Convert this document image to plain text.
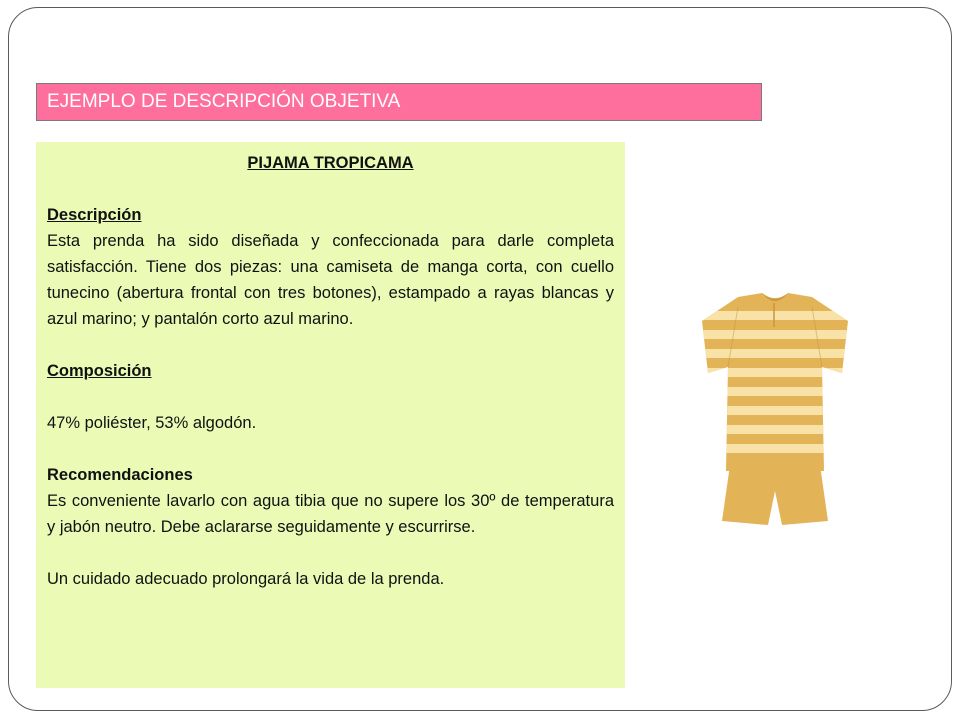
EJEMPLO DE DESCRIPCIÓN OBJETIVA

PIJAMA TROPICAMA

Descripción

Esta prenda ha sido diseñada y confeccionada para darle completa satisfacción. Tiene dos piezas: una camiseta de manga corta, con cuello tunecino (abertura frontal con tres botones), estampado a rayas blancas y azul marino; y pantalón corto azul marino.

Composición

47% poliéster, 53% algodón.

Recomendaciones

Es conveniente lavarlo con agua tibia que no supere los 30º de temperatura y jabón neutro. Debe aclararse seguidamente y escurrirse.

Un cuidado adecuado prolongará la vida de la prenda.
